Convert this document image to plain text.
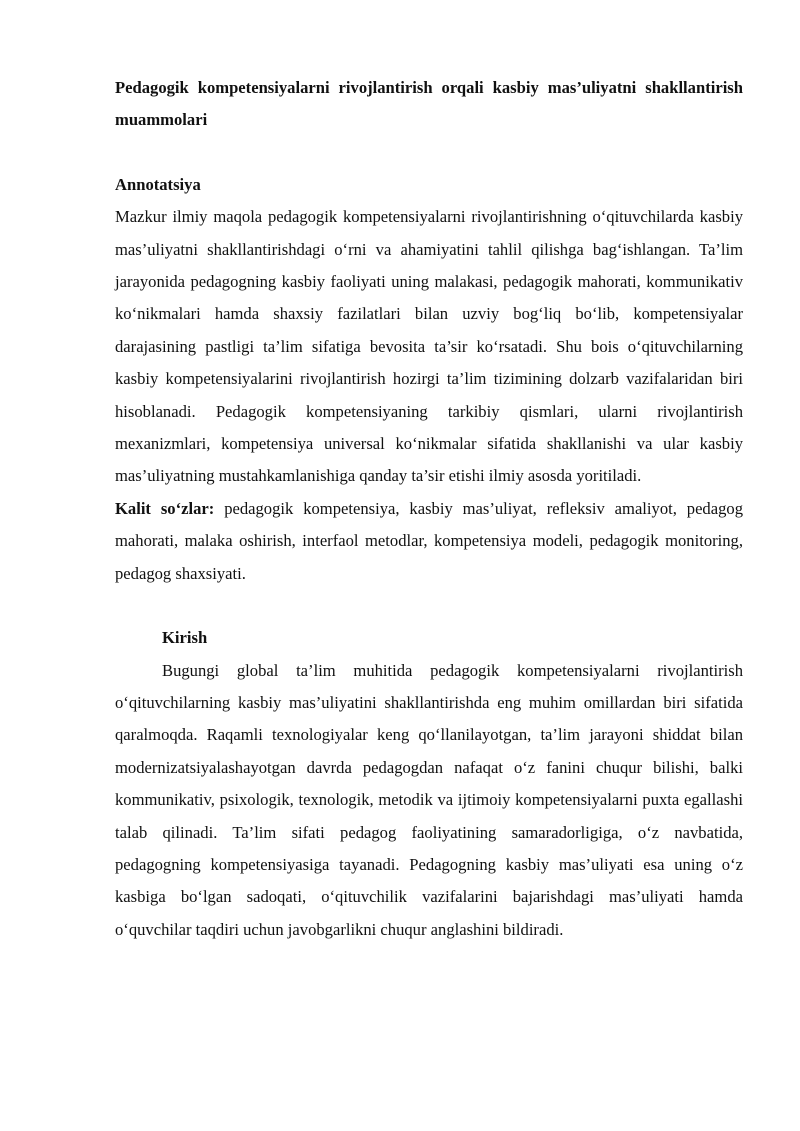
Pedagogik kompetensiyalarni rivojlantirish orqali kasbiy mas’uliyatni shakllantirish muammolari

Annotatsiya

Mazkur ilmiy maqola pedagogik kompetensiyalarni rivojlantirishning o‘qituvchilarda kasbiy mas’uliyatni shakllantirishdagi o‘rni va ahamiyatini tahlil qilishga bag‘ishlangan. Ta’lim jarayonida pedagogning kasbiy faoliyati uning malakasi, pedagogik mahorati, kommunikativ ko‘nikmalari hamda shaxsiy fazilatlari bilan uzviy bog‘liq bo‘lib, kompetensiyalar darajasining pastligi ta’lim sifatiga bevosita ta’sir ko‘rsatadi. Shu bois o‘qituvchilarning kasbiy kompetensiyalarini rivojlantirish hozirgi ta’lim tizimining dolzarb vazifalaridan biri hisoblanadi. Pedagogik kompetensiyaning tarkibiy qismlari, ularni rivojlantirish mexanizmlari, kompetensiya universal ko‘nikmalar sifatida shakllanishi va ular kasbiy mas’uliyatning mustahkamlanishiga qanday ta’sir etishi ilmiy asosda yoritiladi.

Kalit so‘zlar: pedagogik kompetensiya, kasbiy mas’uliyat, refleksiv amaliyot, pedagog mahorati, malaka oshirish, interfaol metodlar, kompetensiya modeli, pedagogik monitoring, pedagog shaxsiyati.

Kirish

Bugungi global ta’lim muhitida pedagogik kompetensiyalarni rivojlantirish o‘qituvchilarning kasbiy mas’uliyatini shakllantirishda eng muhim omillardan biri sifatida qaralmoqda. Raqamli texnologiyalar keng qo‘llanilayotgan, ta’lim jarayoni shiddat bilan modernizatsiyalashayotgan davrda pedagogdan nafaqat o‘z fanini chuqur bilishi, balki kommunikativ, psixologik, texnologik, metodik va ijtimoiy kompetensiyalarni puxta egallashi talab qilinadi. Ta’lim sifati pedagog faoliyatining samaradorligiga, o‘z navbatida, pedagogning kompetensiyasiga tayanadi. Pedagogning kasbiy mas’uliyati esa uning o‘z kasbiga bo‘lgan sadoqati, o‘qituvchilik vazifalarini bajarishdagi mas’uliyati hamda o‘quvchilar taqdiri uchun javobgarlikni chuqur anglashini bildiradi.
